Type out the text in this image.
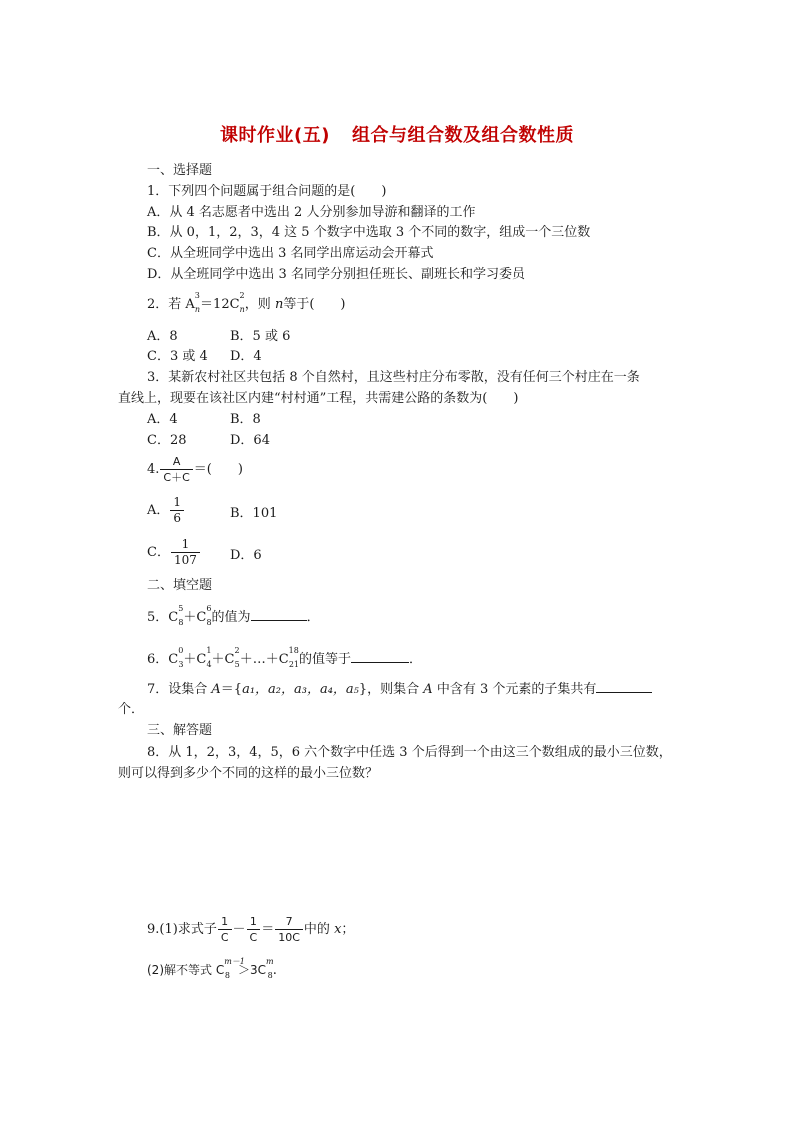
课时作业(五) 组合与组合数及组合数性质
一、选择题
1．下列四个问题属于组合问题的是(　　)
A．从 4 名志愿者中选出 2 人分别参加导游和翻译的工作
B．从 0，1，2，3，4 这 5 个数字中选取 3 个不同的数字，组成一个三位数
C．从全班同学中选出 3 名同学出席运动会开幕式
D．从全班同学中选出 3 名同学分别担任班长、副班长和学习委员
2．若 $A^3_n=12C^2_n$，则 n等于(　　)
A．8	B．5 或 6
C．3 或 4 D．4
3．某新农村社区共包括 8 个自然村，且这些村庄分布零散，没有任何三个村庄在一条
直线上，现要在该社区内建“村村通”工程，共需建公路的条数为(　　)
A．4	B．8
C．28	D．64
4. $\frac{A}{C+C}$ ＝(　　)
A． $\frac{1}{6}$	B．101
C． $\frac{1}{107}$ D．6
二、填空题
5．$C^5_8+C^6_8$的值为	．
6．$C^0_3+C^1_4+C^2_5+\dots+C^{18}_{21}$的值等于	．
7．设集合 A＝{a₁，a₂，a₃，a₄，a₅}，则集合 A 中含有 3 个元素的子集共有
个．
三、解答题
8．从 1，2，3，4，5，6 六个数字中任选 3 个后得到一个由这三个数组成的最小三位数，
则可以得到多少个不同的这样的最小三位数？
9.(1)求式子 $\frac{1}{C} - \frac{1}{C} = \frac{7}{10C}$ 中的 x；
(2)解不等式 $C^{m-1}_8 >3C^m_8$.
